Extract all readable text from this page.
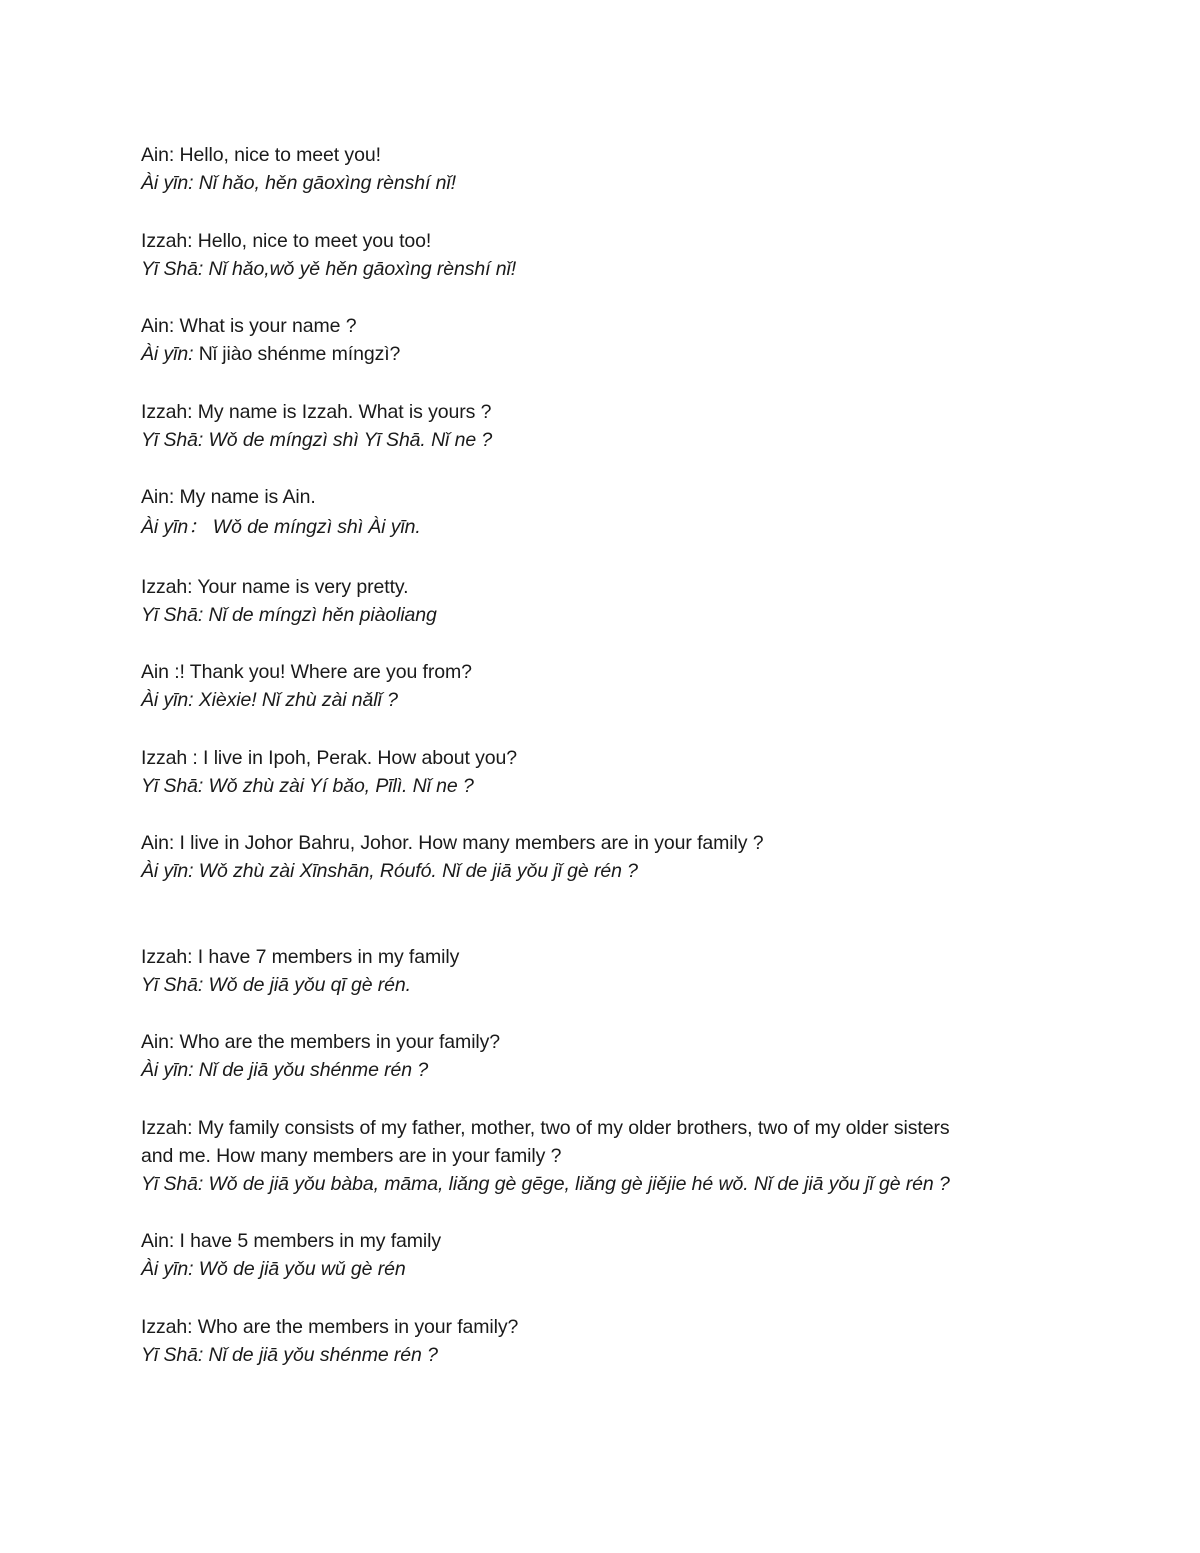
Ain: Hello, nice to meet you!
Ài yīn: Nǐ hǎo, hěn gāoxìng rènshí nǐ!
Izzah: Hello, nice to meet you too!
Yī Shā: Nǐ hǎo,wǒ yě hěn gāoxìng rènshí nǐ!
Ain: What is your name ?
Ài yīn: Nǐ jiào shénme míngzì?
Izzah: My name is Izzah. What is yours ?
Yī Shā: Wǒ de míngzì shì Yī Shā. Nǐ ne ?
Ain: My name is Ain.
Ài yīn： Wǒ de míngzì shì Ài yīn.
Izzah: Your name is very pretty.
Yī Shā: Nǐ de míngzì hěn piàoliang
Ain :! Thank you! Where are you from?
Ài yīn: Xièxie! Nǐ zhù zài nǎlǐ ?
Izzah : I live in Ipoh, Perak. How about you?
Yī Shā: Wǒ zhù zài Yí bǎo, Pīlì. Nǐ ne ?
Ain: I live in Johor Bahru, Johor. How many members are in your family ?
Ài yīn: Wǒ zhù zài Xīnshān, Róufó. Nǐ de jiā yǒu jǐ gè rén ?
Izzah: I have 7 members in my family
Yī Shā: Wǒ de jiā yǒu qī gè rén.
Ain: Who are the members in your family?
Ài yīn: Nǐ de jiā yǒu shénme rén ?
Izzah: My family consists of my father, mother, two of my older brothers, two of my older sisters
and me. How many members are in your family ?
Yī Shā: Wǒ de jiā yǒu bàba, māma, liǎng gè gēge, liǎng gè jiějie hé wǒ. Nǐ de jiā yǒu jǐ gè rén ?
Ain: I have 5 members in my family
Ài yīn: Wǒ de jiā yǒu wǔ gè rén
Izzah: Who are the members in your family?
Yī Shā: Nǐ de jiā yǒu shénme rén ?
